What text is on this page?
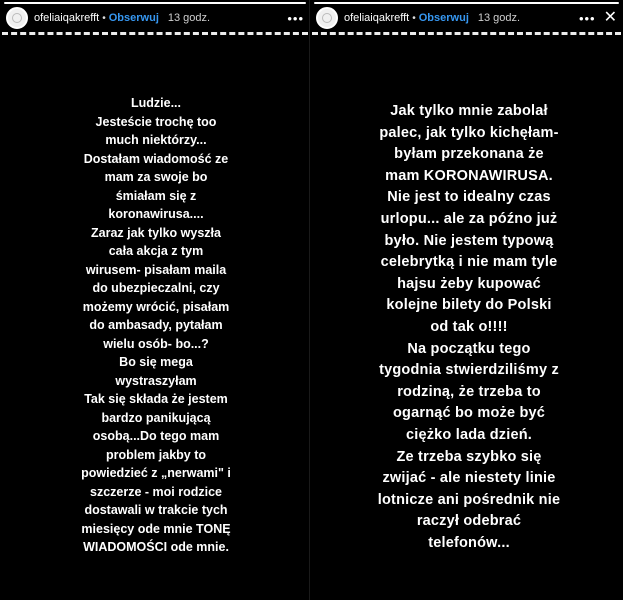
ofeliaiqakrefft • Obserwuj 13 godz.	•••
Ludzie...
Jesteście trochę too
much niektórzy...
Dostałam wiadomość ze
mam za swoje bo
śmiałam się z
koronawirusa....
Zaraz jak tylko wyszła
cała akcja z tym
wirusem- pisałam maila
do ubezpieczalni, czy
możemy wrócić, pisałam
do ambasady, pytałam
wielu osób- bo...?
Bo się mega
wystraszyłam
Tak się składa że jestem
bardzo panikującą
osobą...Do tego mam
problem jakby to
powiedzieć z „nerwami" i
szczerze - moi rodzice
dostawali w trakcie tych
miesięcy ode mnie TONĘ
WIADOMOŚCI ode mnie.
ofeliaiqakrefft • Obserwuj 13 godz.	••• ✕
Jak tylko mnie zabolał
palec, jak tylko kichęłam-
byłam przekonana że
mam KORONAWIRUSA.
Nie jest to idealny czas
urlopu... ale za późno już
było. Nie jestem typową
celebrytką i nie mam tyle
hajsu żeby kupować
kolejne bilety do Polski
od tak o!!!!
Na początku tego
tygodnia stwierdziliśmy z
rodziną, że trzeba to
ogarnąć bo może być
ciężko lada dzień.
Ze trzeba szybko się
zwijać - ale niestety linie
lotnicze ani pośrednik nie
raczył odebrać
telefonów...
